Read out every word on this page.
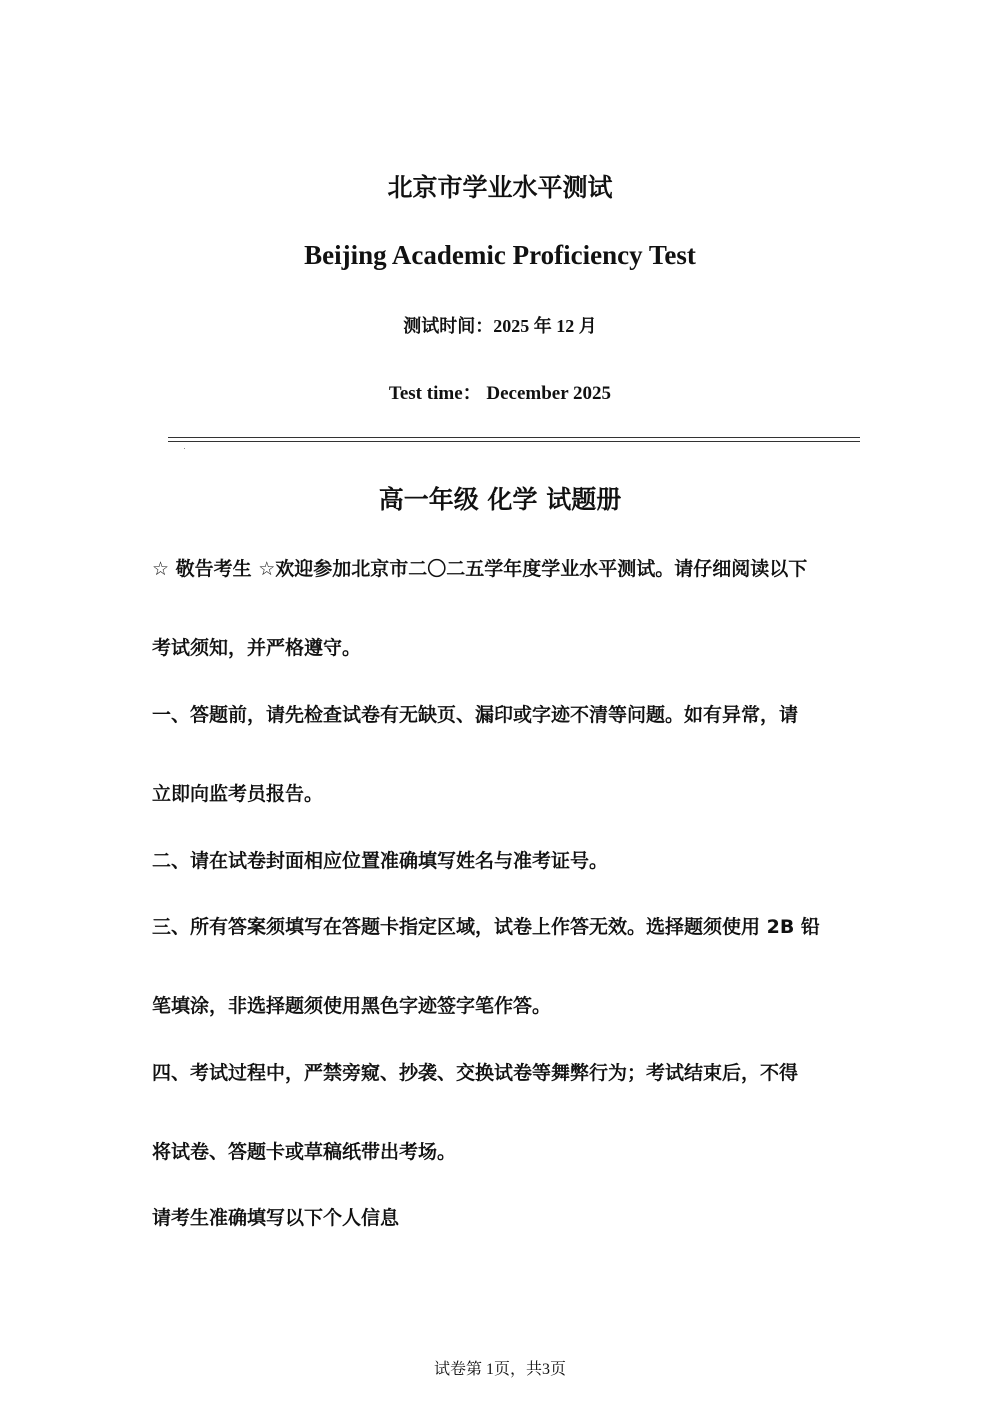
北京市学业水平测试
Beijing Academic Proficiency Test
测试时间：2025 年 12 月
Test time： December 2025
高一年级 化学 试题册
☆ 敬告考生 ☆欢迎参加北京市二〇二五学年度学业水平测试。请仔细阅读以下
考试须知，并严格遵守。
一、答题前，请先检查试卷有无缺页、漏印或字迹不清等问题。如有异常，请
立即向监考员报告。
二、请在试卷封面相应位置准确填写姓名与准考证号。
三、所有答案须填写在答题卡指定区域，试卷上作答无效。选择题须使用 2B 铅
笔填涂，非选择题须使用黑色字迹签字笔作答。
四、考试过程中，严禁旁窥、抄袭、交换试卷等舞弊行为；考试结束后，不得
将试卷、答题卡或草稿纸带出考场。
请考生准确填写以下个人信息
试卷第 1页，共3页
